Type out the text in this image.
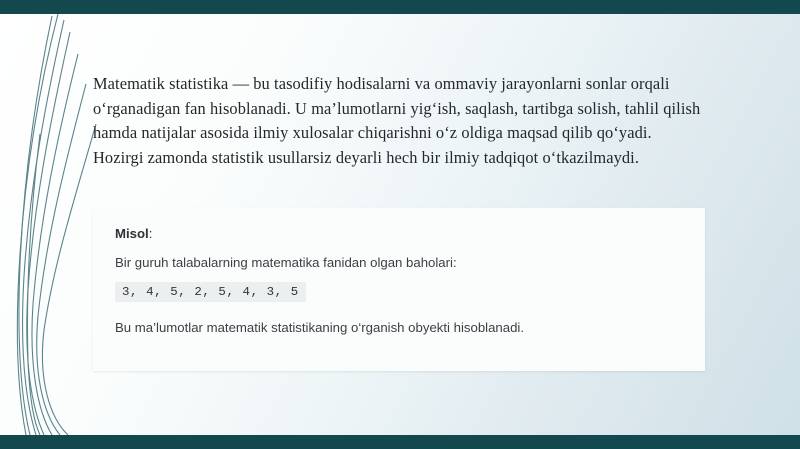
Matematik statistika — bu tasodifiy hodisalarni va ommaviy jarayonlarni sonlar orqali o‘rganadigan fan hisoblanadi. U ma’lumotlarni yig‘ish, saqlash, tartibga solish, tahlil qilish hamda natijalar asosida ilmiy xulosalar chiqarishni o‘z oldiga maqsad qilib qo‘yadi. Hozirgi zamonda statistik usullarsiz deyarli hech bir ilmiy tadqiqot o‘tkazilmaydi.

Misol:

Bir guruh talabalarning matematika fanidan olgan baholari:

3, 4, 5, 2, 5, 4, 3, 5

Bu ma’lumotlar matematik statistikaning o‘rganish obyekti hisoblanadi.
